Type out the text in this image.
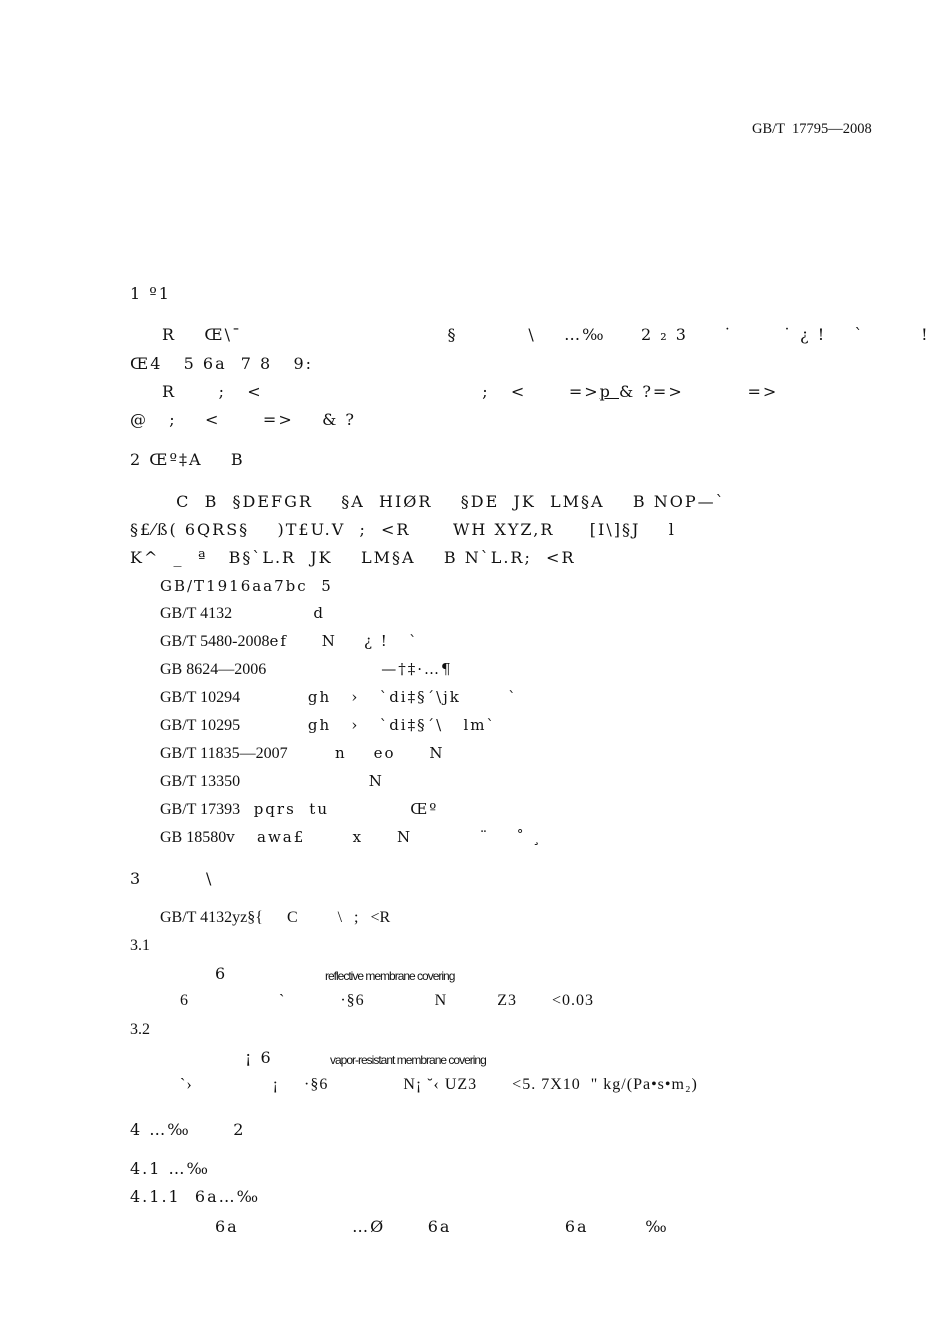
GB/T  17795—2008
1 º1
R    Œ\¯                             §          \    …‰     2 ₂ 3     ˙       ˙ ¿ !    `        !
Œ4   5 6a  7 8   9:
R      ;   <                               ;   <      =>p & ?=>         =>
@   ;    <      =>    & ?
2 Œº‡A    B
C  B  §DEFGR    §A  HIØR    §DE  JK  LM§A    B NOP—`
§£⁄ß( 6QRS§    )T£U.V  ;  <R      WH XYZ,R     [I\]§J    l
K^  _  ª   B§`L.R  JK    LM§A    B N`L.R;  <R
GB/T1916aa7bc  5
GB/T 4132            d
GB/T 5480-2008ef     N    ¿ !   `
GB 8624—2006                 —†‡·…¶
GB/T 10294          gh   ›   `di‡§´\jk       `
GB/T 10295          gh   ›   `di‡§´\   lm`
GB/T 11835—2007       n    eo     N
GB/T 13350                   N
GB/T 17393  pqrs  tu            Œº
GB 18580v   awa£       x     N          ¨    ˚ ¸
3         \
GB/T 4132yz§{      C          \   ;   <R
3.1
6	reflective membrane covering
6                  `           ·§6              N          Z3       <0.03
3.2
¡ 6	vapor-resistant membrane covering
`›                ¡     ·§6               N¡ ˘‹ UZ3       <5. 7X10  " kg/(Pa•s•m₂)
4 …‰      2
4.1 …‰
4.1.1  6a…‰
6a                …Ø      6a                6a        ‰
